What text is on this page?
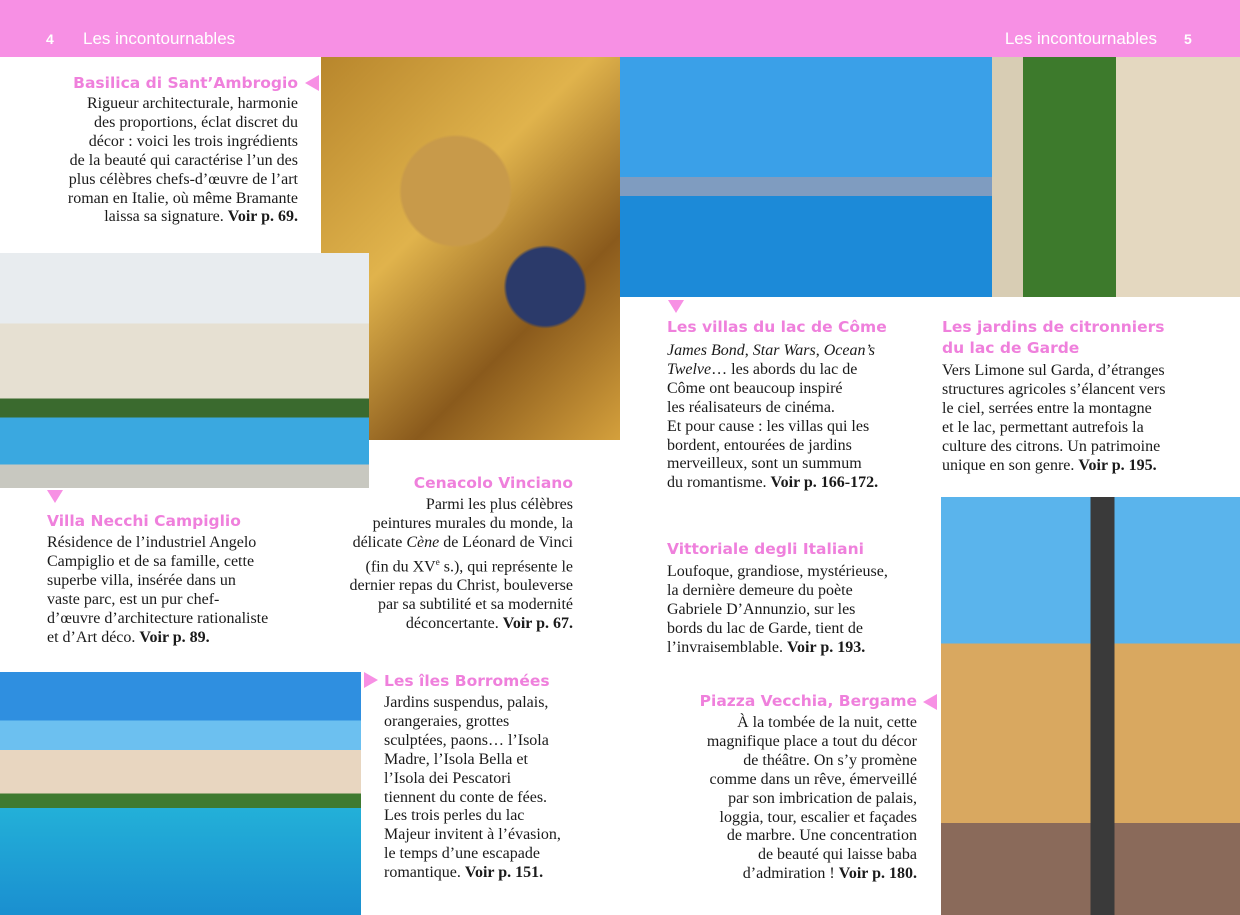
4 Les incontournables	Les incontournables 5
Basilica di Sant’Ambrogio
Villa Necchi Campiglio
Cenacolo Vinciano
Les îles Borromées
Les villas du lac de Côme	Les jardins de citronniers
du lac de Garde
Vittoriale degli Italiani
Piazza Vecchia, Bergame
Rigueur architecturale, harmonie
des proportions, éclat discret du
décor : voici les trois ingrédients
de la beauté qui caractérise l’un des
plus célèbres chefs-d’œuvre de l’art
roman en Italie, où même Bramante
laissa sa signature. Voir p. 69.
Résidence de l’industriel Angelo
Campiglio et de sa famille, cette
superbe villa, insérée dans un
vaste parc, est un pur chef-
d’œuvre d’architecture rationaliste
et d’Art déco. Voir p. 89.
Parmi les plus célèbres
peintures murales du monde, la
délicate Cène de Léonard de Vinci
(fin du XVe s.), qui représente le
dernier repas du Christ, bouleverse
par sa subtilité et sa modernité
déconcertante. Voir p. 67.
Jardins suspendus, palais,
orangeraies, grottes
sculptées, paons… l’Isola
Madre, l’Isola Bella et
l’Isola dei Pescatori
tiennent du conte de fées.
Les trois perles du lac
Majeur invitent à l’évasion,
le temps d’une escapade
romantique. Voir p. 151.
James Bond, Star Wars, Ocean’s
Twelve… les abords du lac de
Côme ont beaucoup inspiré
les réalisateurs de cinéma.
Et pour cause : les villas qui les
bordent, entourées de jardins
merveilleux, sont un summum
du romantisme. Voir p. 166-172.
Vers Limone sul Garda, d’étranges
structures agricoles s’élancent vers
le ciel, serrées entre la montagne
et le lac, permettant autrefois la
culture des citrons. Un patrimoine
unique en son genre. Voir p. 195.
Loufoque, grandiose, mystérieuse,
la dernière demeure du poète
Gabriele D’Annunzio, sur les
bords du lac de Garde, tient de
l’invraisemblable. Voir p. 193.
À la tombée de la nuit, cette
magnifique place a tout du décor
de théâtre. On s’y promène
comme dans un rêve, émerveillé
par son imbrication de palais,
loggia, tour, escalier et façades
de marbre. Une concentration
de beauté qui laisse baba
d’admiration ! Voir p. 180.
